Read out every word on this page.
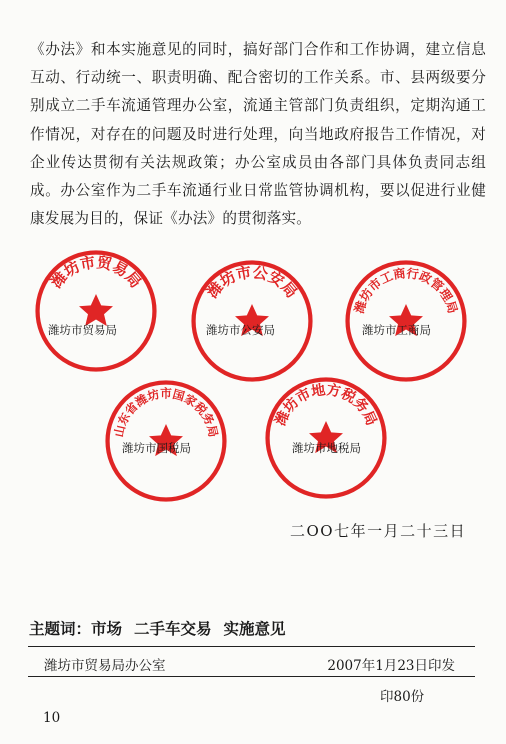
《办法》和本实施意见的同时，搞好部门合作和工作协调，建立信息互动、行动统一、职责明确、配合密切的工作关系。市、县两级要分别成立二手车流通管理办公室，流通主管部门负责组织，定期沟通工作情况，对存在的问题及时进行处理，向当地政府报告工作情况，对企业传达贯彻有关法规政策；办公室成员由各部门具体负责同志组成。办公室作为二手车流通行业日常监管协调机构，要以促进行业健康发展为目的，保证《办法》的贯彻落实。
潍坊市贸易局
潍坊市贸易局
潍坊市公安局
潍坊市公安局
潍坊市工商行政管理局
潍坊市工商局
山东省潍坊市国家税务局
潍坊市国税局
潍坊市地方税务局
潍坊市地税局
二OO七年一月二十三日
主题词：市场 二手车交易 实施意见
潍坊市贸易局办公室	2007年1月23日印发
印80份
10
